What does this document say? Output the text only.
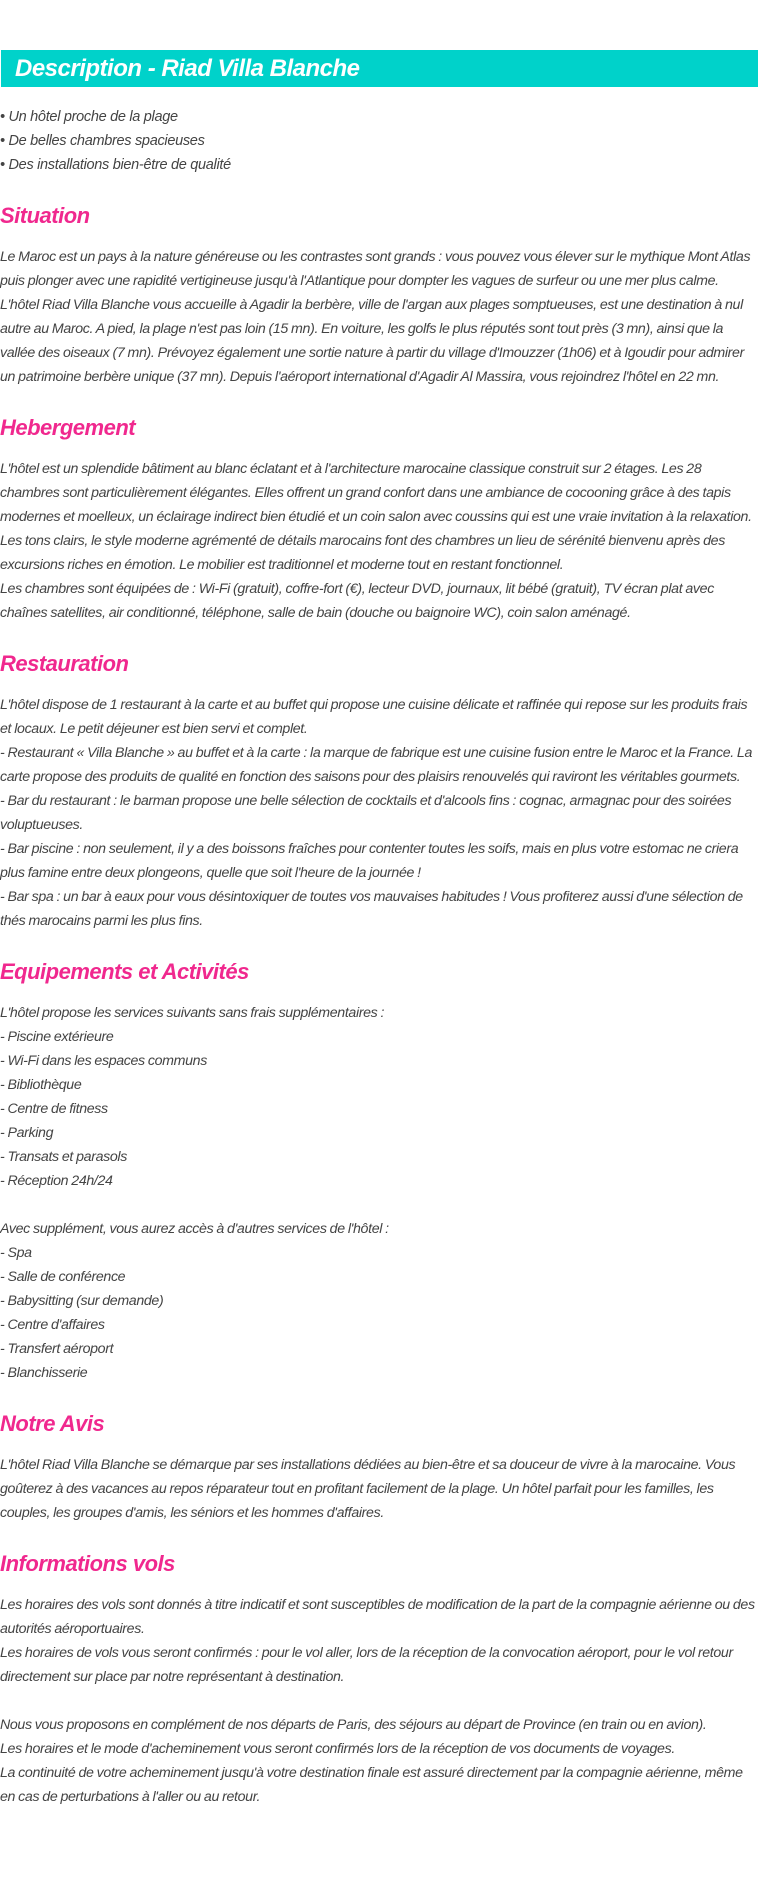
Description - Riad Villa Blanche
• Un hôtel proche de la plage
• De belles chambres spacieuses
• Des installations bien-être de qualité
Situation

Le Maroc est un pays à la nature généreuse ou les contrastes sont grands : vous pouvez vous élever sur le mythique Mont Atlas puis plonger avec une rapidité vertigineuse jusqu'à l'Atlantique pour dompter les vagues de surfeur ou une mer plus calme. L'hôtel Riad Villa Blanche vous accueille à Agadir la berbère, ville de l'argan aux plages somptueuses, est une destination à nul autre au Maroc. A pied, la plage n'est pas loin (15 mn). En voiture, les golfs le plus réputés sont tout près (3 mn), ainsi que la vallée des oiseaux (7 mn). Prévoyez également une sortie nature à partir du village d'Imouzzer (1h06) et à Igoudir pour admirer un patrimoine berbère unique (37 mn). Depuis l'aéroport international d'Agadir Al Massira, vous rejoindrez l'hôtel en 22 mn.

Hebergement

L'hôtel est un splendide bâtiment au blanc éclatant et à l'architecture marocaine classique construit sur 2 étages. Les 28 chambres sont particulièrement élégantes. Elles offrent un grand confort dans une ambiance de cocooning grâce à des tapis modernes et moelleux, un éclairage indirect bien étudié et un coin salon avec coussins qui est une vraie invitation à la relaxation. Les tons clairs, le style moderne agrémenté de détails marocains font des chambres un lieu de sérénité bienvenu après des excursions riches en émotion. Le mobilier est traditionnel et moderne tout en restant fonctionnel.
Les chambres sont équipées de : Wi-Fi (gratuit), coffre-fort (€), lecteur DVD, journaux, lit bébé (gratuit), TV écran plat avec chaînes satellites, air conditionné, téléphone, salle de bain (douche ou baignoire WC), coin salon aménagé.

Restauration

L'hôtel dispose de 1 restaurant à la carte et au buffet qui propose une cuisine délicate et raffinée qui repose sur les produits frais et locaux. Le petit déjeuner est bien servi et complet.
- Restaurant « Villa Blanche » au buffet et à la carte : la marque de fabrique est une cuisine fusion entre le Maroc et la France. La carte propose des produits de qualité en fonction des saisons pour des plaisirs renouvelés qui raviront les véritables gourmets.
- Bar du restaurant : le barman propose une belle sélection de cocktails et d'alcools fins : cognac, armagnac pour des soirées voluptueuses.
- Bar piscine : non seulement, il y a des boissons fraîches pour contenter toutes les soifs, mais en plus votre estomac ne criera plus famine entre deux plongeons, quelle que soit l'heure de la journée !
- Bar spa : un bar à eaux pour vous désintoxiquer de toutes vos mauvaises habitudes ! Vous profiterez aussi d'une sélection de thés marocains parmi les plus fins.

Equipements et Activités

L'hôtel propose les services suivants sans frais supplémentaires :
- Piscine extérieure
- Wi-Fi dans les espaces communs
- Bibliothèque
- Centre de fitness
- Parking
- Transats et parasols
- Réception 24h/24
Avec supplément, vous aurez accès à d'autres services de l'hôtel :
- Spa
- Salle de conférence
- Babysitting (sur demande)
- Centre d'affaires
- Transfert aéroport
- Blanchisserie

Notre Avis

L'hôtel Riad Villa Blanche se démarque par ses installations dédiées au bien-être et sa douceur de vivre à la marocaine. Vous goûterez à des vacances au repos réparateur tout en profitant facilement de la plage. Un hôtel parfait pour les familles, les couples, les groupes d'amis, les séniors et les hommes d'affaires.

Informations vols

Les horaires des vols sont donnés à titre indicatif et sont susceptibles de modification de la part de la compagnie aérienne ou des autorités aéroportuaires.
Les horaires de vols vous seront confirmés : pour le vol aller, lors de la réception de la convocation aéroport, pour le vol retour directement sur place par notre représentant à destination.
Nous vous proposons en complément de nos départs de Paris, des séjours au départ de Province (en train ou en avion).
Les horaires et le mode d'acheminement vous seront confirmés lors de la réception de vos documents de voyages.
La continuité de votre acheminement jusqu'à votre destination finale est assuré directement par la compagnie aérienne, même en cas de perturbations à l'aller ou au retour.
